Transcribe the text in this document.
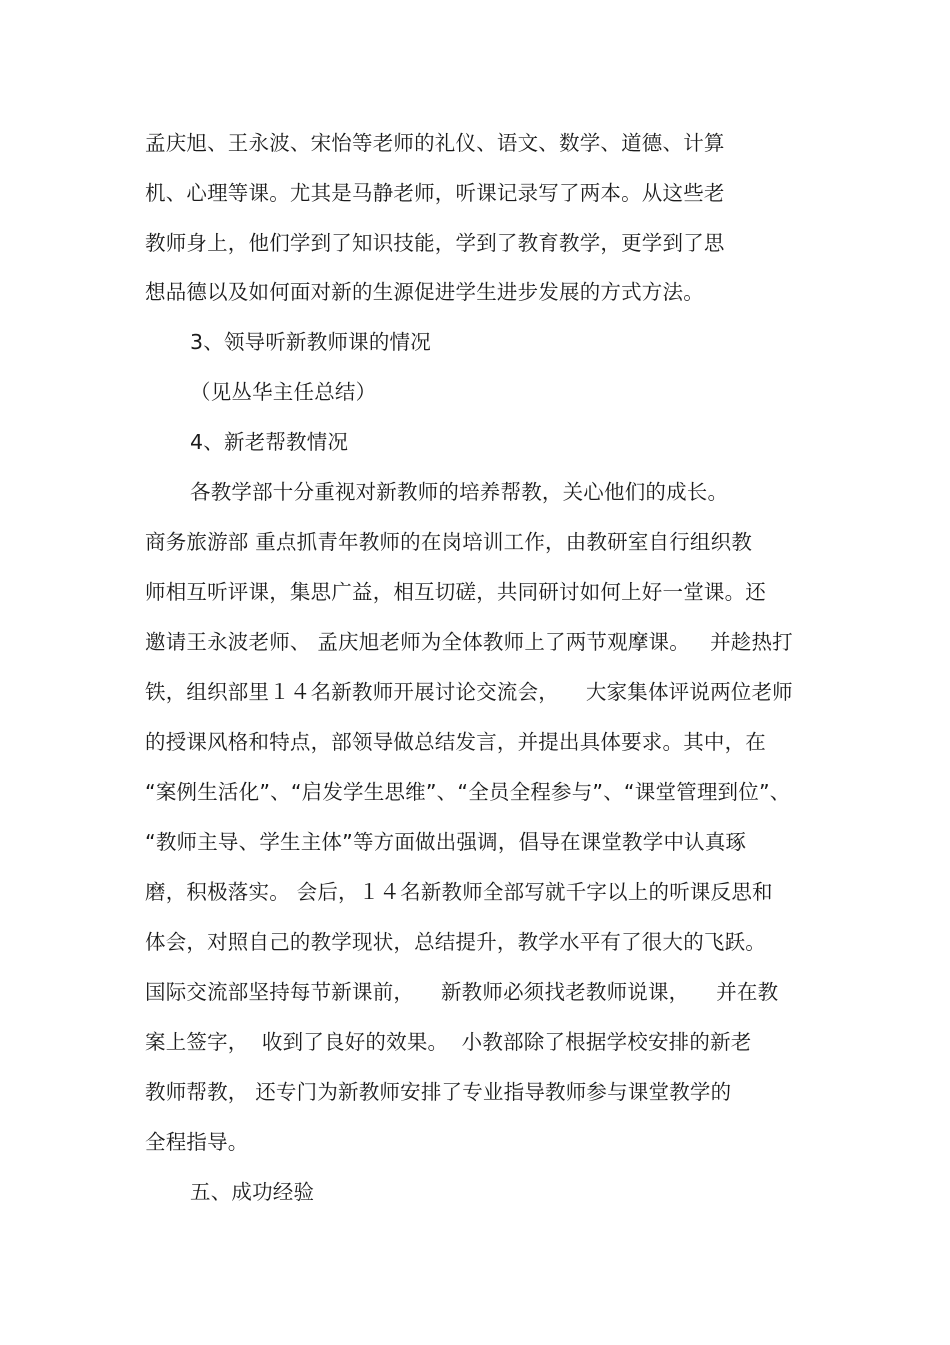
孟庆旭、王永波、宋怡等老师的礼仪、语文、数学、道德、计算
机、心理等课。尤其是马静老师，听课记录写了两本。从这些老
教师身上，他们学到了知识技能，学到了教育教学，更学到了思
想品德以及如何面对新的生源促进学生进步发展的方式方法。
3、领导听新教师课的情况
（见丛华主任总结）
4、新老帮教情况
各教学部十分重视对新教师的培养帮教，关心他们的成长。
商务旅游部 重点抓青年教师的在岗培训工作，由教研室自行组织教
师相互听评课，集思广益，相互切磋，共同研讨如何上好一堂课。还
邀请王永波老师、 孟庆旭老师为全体教师上了两节观摩课。   并趁热打
铁，组织部里１４名新教师开展讨论交流会，    大家集体评说两位老师
的授课风格和特点，部领导做总结发言，并提出具体要求。其中，在
“案例生活化”、“启发学生思维”、“全员全程参与”、“课堂管理到位”、
“教师主导、学生主体”等方面做出强调，倡导在课堂教学中认真琢
磨，积极落实。 会后，１４名新教师全部写就千字以上的听课反思和
体会，对照自己的教学现状，总结提升，教学水平有了很大的飞跃。
国际交流部坚持每节新课前，    新教师必须找老教师说课，    并在教
案上签字，  收到了良好的效果。  小教部除了根据学校安排的新老
教师帮教， 还专门为新教师安排了专业指导教师参与课堂教学的
全程指导。
五、成功经验
